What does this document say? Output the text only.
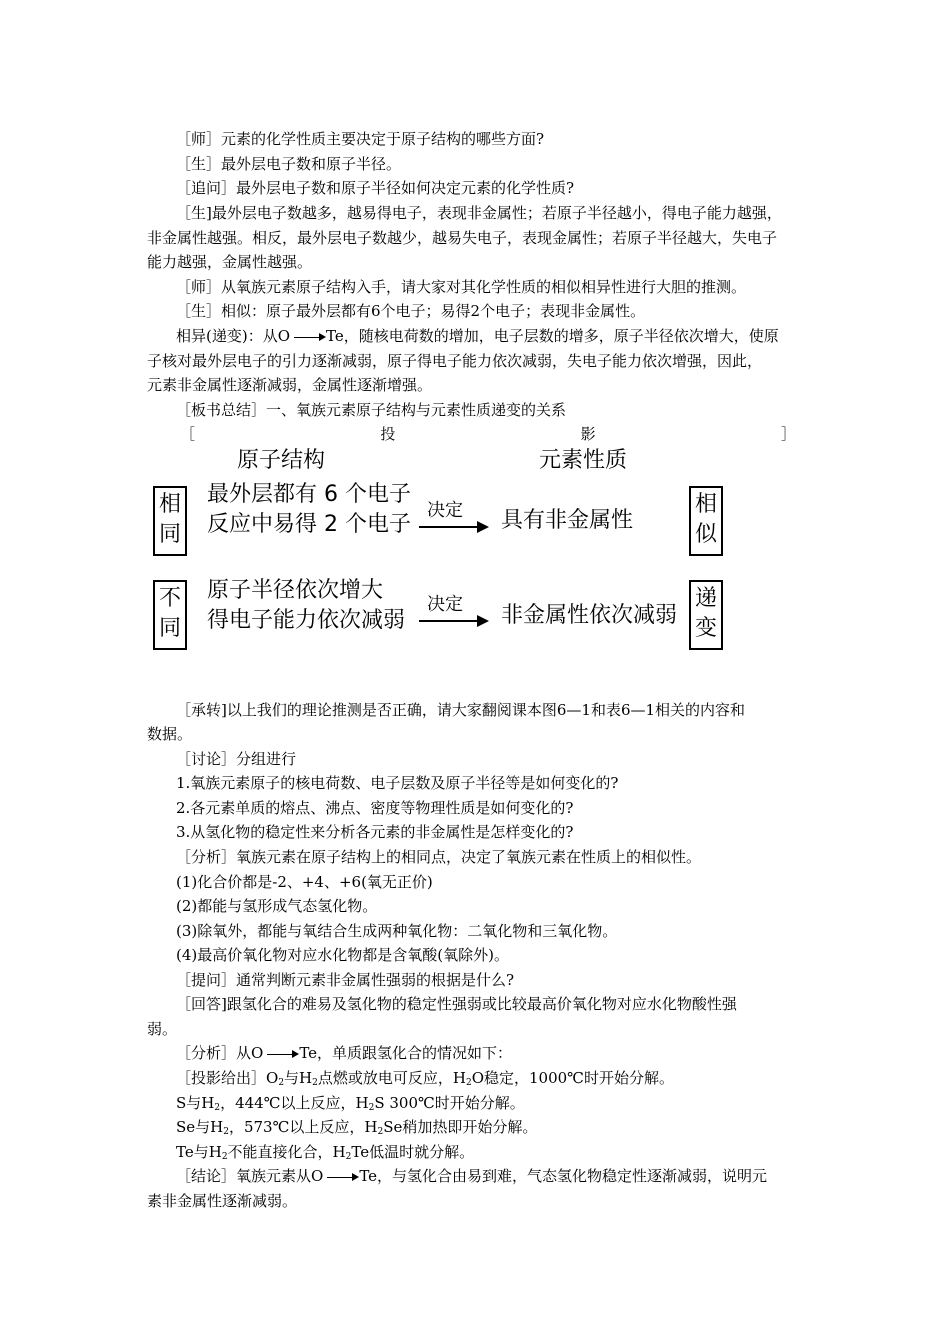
［师］元素的化学性质主要决定于原子结构的哪些方面?
［生］最外层电子数和原子半径。
［追问］最外层电子数和原子半径如何决定元素的化学性质?
［生]最外层电子数越多，越易得电子，表现非金属性；若原子半径越小，得电子能力越强，
非金属性越强。相反，最外层电子数越少，越易失电子，表现金属性；若原子半径越大，失电子
能力越强，金属性越强。
［师］从氧族元素原子结构入手，请大家对其化学性质的相似相异性进行大胆的推测。
［生］相似：原子最外层都有6个电子；易得2个电子；表现非金属性。
相异(递变)：从O Te，随核电荷数的增加，电子层数的增多，原子半径依次增大，使原
子核对最外层电子的引力逐渐减弱，原子得电子能力依次减弱，失电子能力依次增强，因此，
元素非金属性逐渐减弱，金属性逐渐增强。
［板书总结］一、氧族元素原子结构与元素性质递变的关系
［	投	影	］
原子结构	元素性质
相
同
最外层都有 6 个电子
反应中易得 2 个电子
决定 具有非金属性
相
似
不
同
原子半径依次增大
得电子能力依次减弱
决定 非金属性依次减弱
递
变
［承转]以上我们的理论推测是否正确，请大家翻阅课本图6—1和表6—1相关的内容和
数据。
［讨论］分组进行
1.氧族元素原子的核电荷数、电子层数及原子半径等是如何变化的?
2.各元素单质的熔点、沸点、密度等物理性质是如何变化的?
3.从氢化物的稳定性来分析各元素的非金属性是怎样变化的?
［分析］氧族元素在原子结构上的相同点，决定了氧族元素在性质上的相似性。
(1)化合价都是-2、+4、+6(氧无正价)
(2)都能与氢形成气态氢化物。
(3)除氧外，都能与氧结合生成两种氧化物：二氧化物和三氧化物。
(4)最高价氧化物对应水化物都是含氧酸(氧除外)。
［提问］通常判断元素非金属性强弱的根据是什么?
［回答]跟氢化合的难易及氢化物的稳定性强弱或比较最高价氧化物对应水化物酸性强
弱。
［分析］从O Te，单质跟氢化合的情况如下：
［投影给出$]O_2$与$H_2$点燃或放电可反应，$H_2O$稳定，1000℃时开始分解。
S与$H_2$，444℃以上反应，$H_2S$ 300℃时开始分解。
Se与$H_2$，573℃以上反应，$H_2Se$稍加热即开始分解。
Te与$H_2$不能直接化合，$H_2Te$低温时就分解。
［结论］氧族元素从O Te，与氢化合由易到难，气态氢化物稳定性逐渐减弱，说明元
素非金属性逐渐减弱。
